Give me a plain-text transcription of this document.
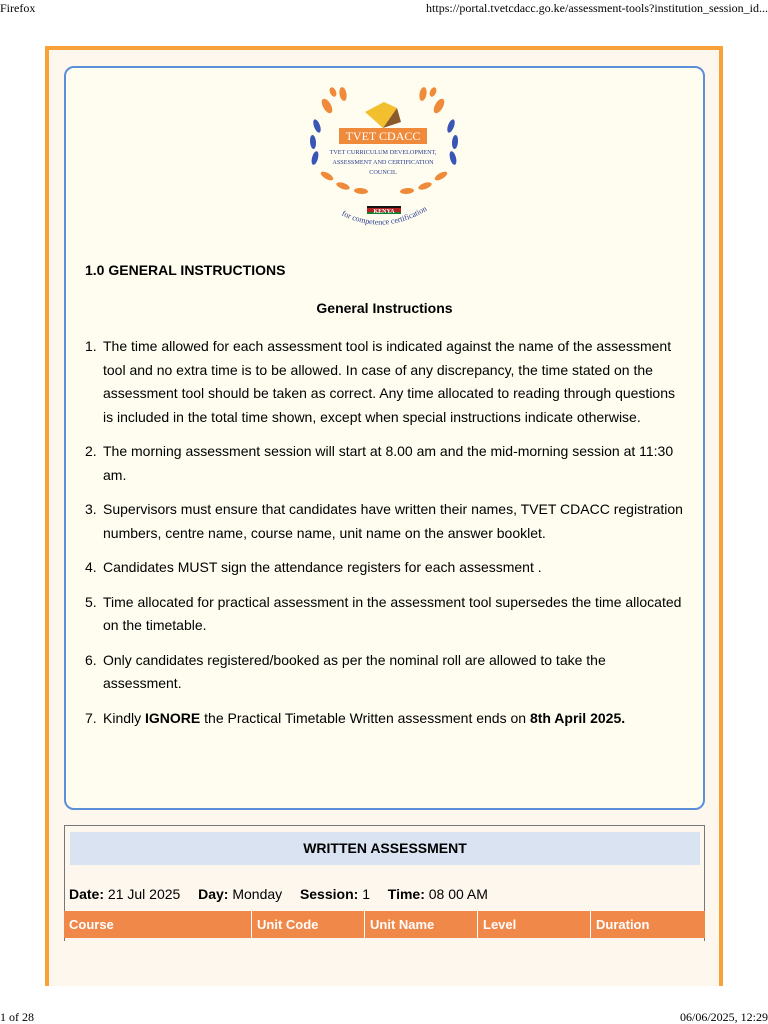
Firefox	https://portal.tvetcdacc.go.ke/assessment-tools?institution_session_id...
TVET CDACC
TVET CURRICULUM DEVELOPMENT,
ASSESSMENT AND CERTIFICATION
COUNCIL
KENYA
for competence certification
1.0 GENERAL INSTRUCTIONS
General Instructions
1. The time allowed for each assessment tool is indicated against the name of the assessment tool and no extra time is to be allowed. In case of any discrepancy, the time stated on the assessment tool should be taken as correct. Any time allocated to reading through questions is included in the total time shown, except when special instructions indicate otherwise.
2. The morning assessment session will start at 8.00 am and the mid-morning session at 11:30 am.
3. Supervisors must ensure that candidates have written their names, TVET CDACC registration numbers, centre name, course name, unit name on the answer booklet.
4. Candidates MUST sign the attendance registers for each assessment .
5. Time allocated for practical assessment in the assessment tool supersedes the time allocated on the timetable.
6. Only candidates registered/booked as per the nominal roll are allowed to take the assessment.
7. Kindly IGNORE the Practical Timetable Written assessment ends on 8th April 2025.
WRITTEN ASSESSMENT
Date: 21 Jul 2025 Day: Monday Session: 1 Time: 08 00 AM
Course	Unit Code	Unit Name	Level	Duration
1 of 28	06/06/2025, 12:29
